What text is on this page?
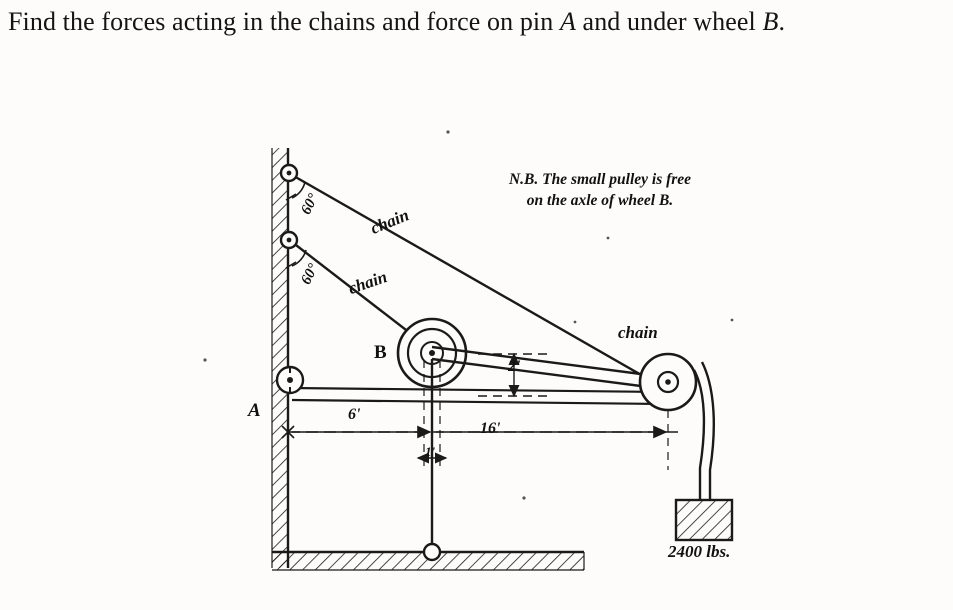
Find the forces acting in the chains and force on pin A and under wheel B.
N.B. The small pulley is free
on the axle of wheel B.
60°
60°
chain
chain
chain
B
A	6'
16'
2'
1'
2400 lbs.
